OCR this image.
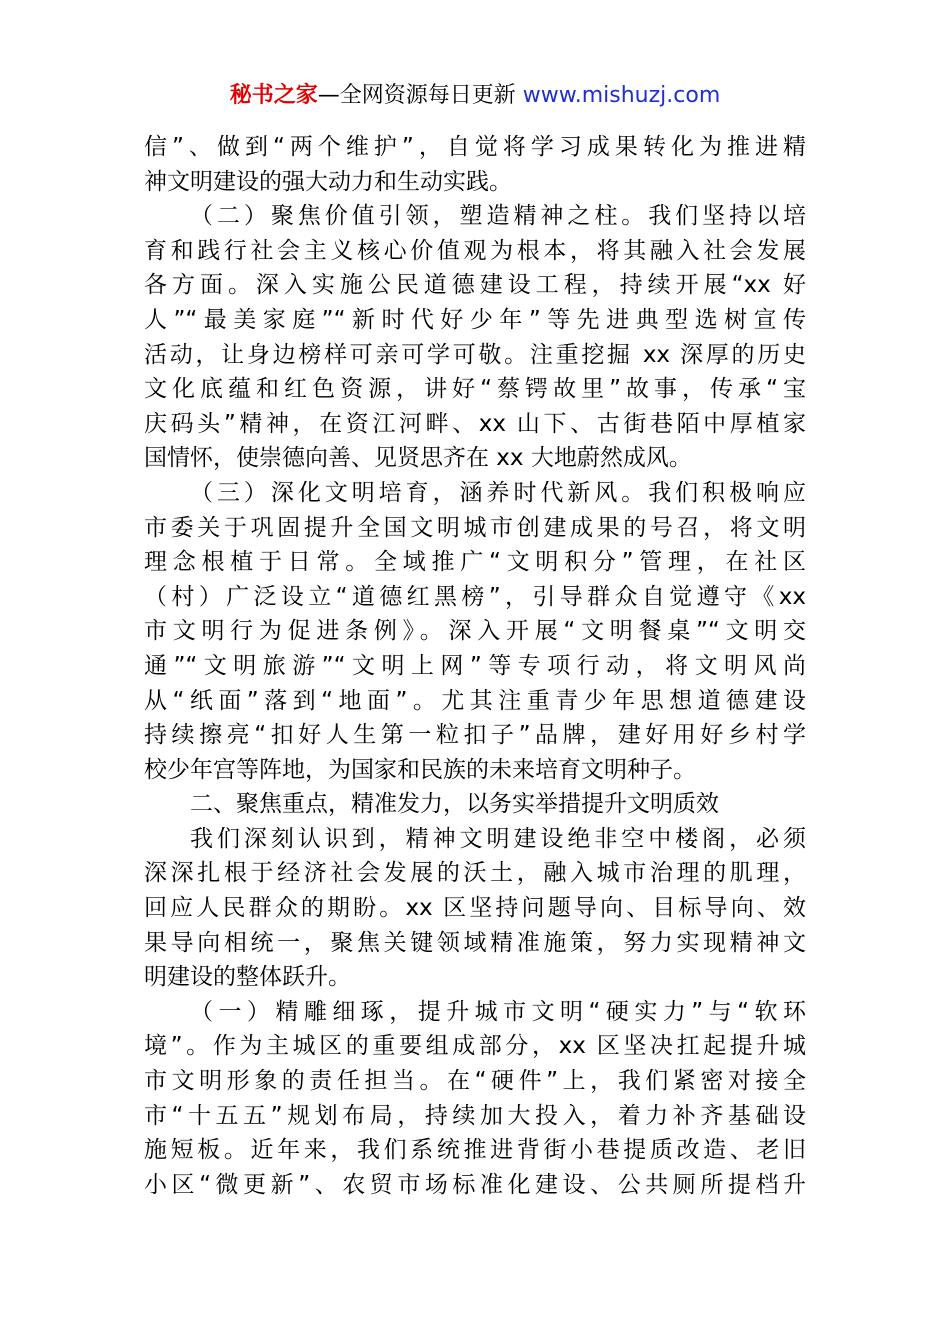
秘书之家—全网资源每日更新 www.mishuzj.com
信”、做到“两个维护”，自觉将学习成果转化为推进精
神文明建设的强大动力和生动实践。
（二）聚焦价值引领，塑造精神之柱。我们坚持以培
育和践行社会主义核心价值观为根本，将其融入社会发展
各方面。深入实施公民道德建设工程，持续开展“xx 好
人”“最美家庭”“新时代好少年”等先进典型选树宣传
活动，让身边榜样可亲可学可敬。注重挖掘 xx 深厚的历史
文化底蕴和红色资源，讲好“蔡锷故里”故事，传承“宝
庆码头”精神，在资江河畔、xx 山下、古街巷陌中厚植家
国情怀，使崇德向善、见贤思齐在 xx 大地蔚然成风。
（三）深化文明培育，涵养时代新风。我们积极响应
市委关于巩固提升全国文明城市创建成果的号召，将文明
理念根植于日常。全域推广“文明积分”管理，在社区
（村）广泛设立“道德红黑榜”，引导群众自觉遵守《xx
市文明行为促进条例》。深入开展“文明餐桌”“文明交
通”“文明旅游”“文明上网”等专项行动，将文明风尚
从“纸面”落到“地面”。尤其注重青少年思想道德建设
持续擦亮“扣好人生第一粒扣子”品牌，建好用好乡村学
校少年宫等阵地，为国家和民族的未来培育文明种子。
二、聚焦重点，精准发力，以务实举措提升文明质效
我们深刻认识到，精神文明建设绝非空中楼阁，必须
深深扎根于经济社会发展的沃土，融入城市治理的肌理，
回应人民群众的期盼。xx 区坚持问题导向、目标导向、效
果导向相统一，聚焦关键领域精准施策，努力实现精神文
明建设的整体跃升。
（一）精雕细琢，提升城市文明“硬实力”与“软环
境”。作为主城区的重要组成部分，xx 区坚决扛起提升城
市文明形象的责任担当。在“硬件”上，我们紧密对接全
市“十五五”规划布局，持续加大投入，着力补齐基础设
施短板。近年来，我们系统推进背街小巷提质改造、老旧
小区“微更新”、农贸市场标准化建设、公共厕所提档升
